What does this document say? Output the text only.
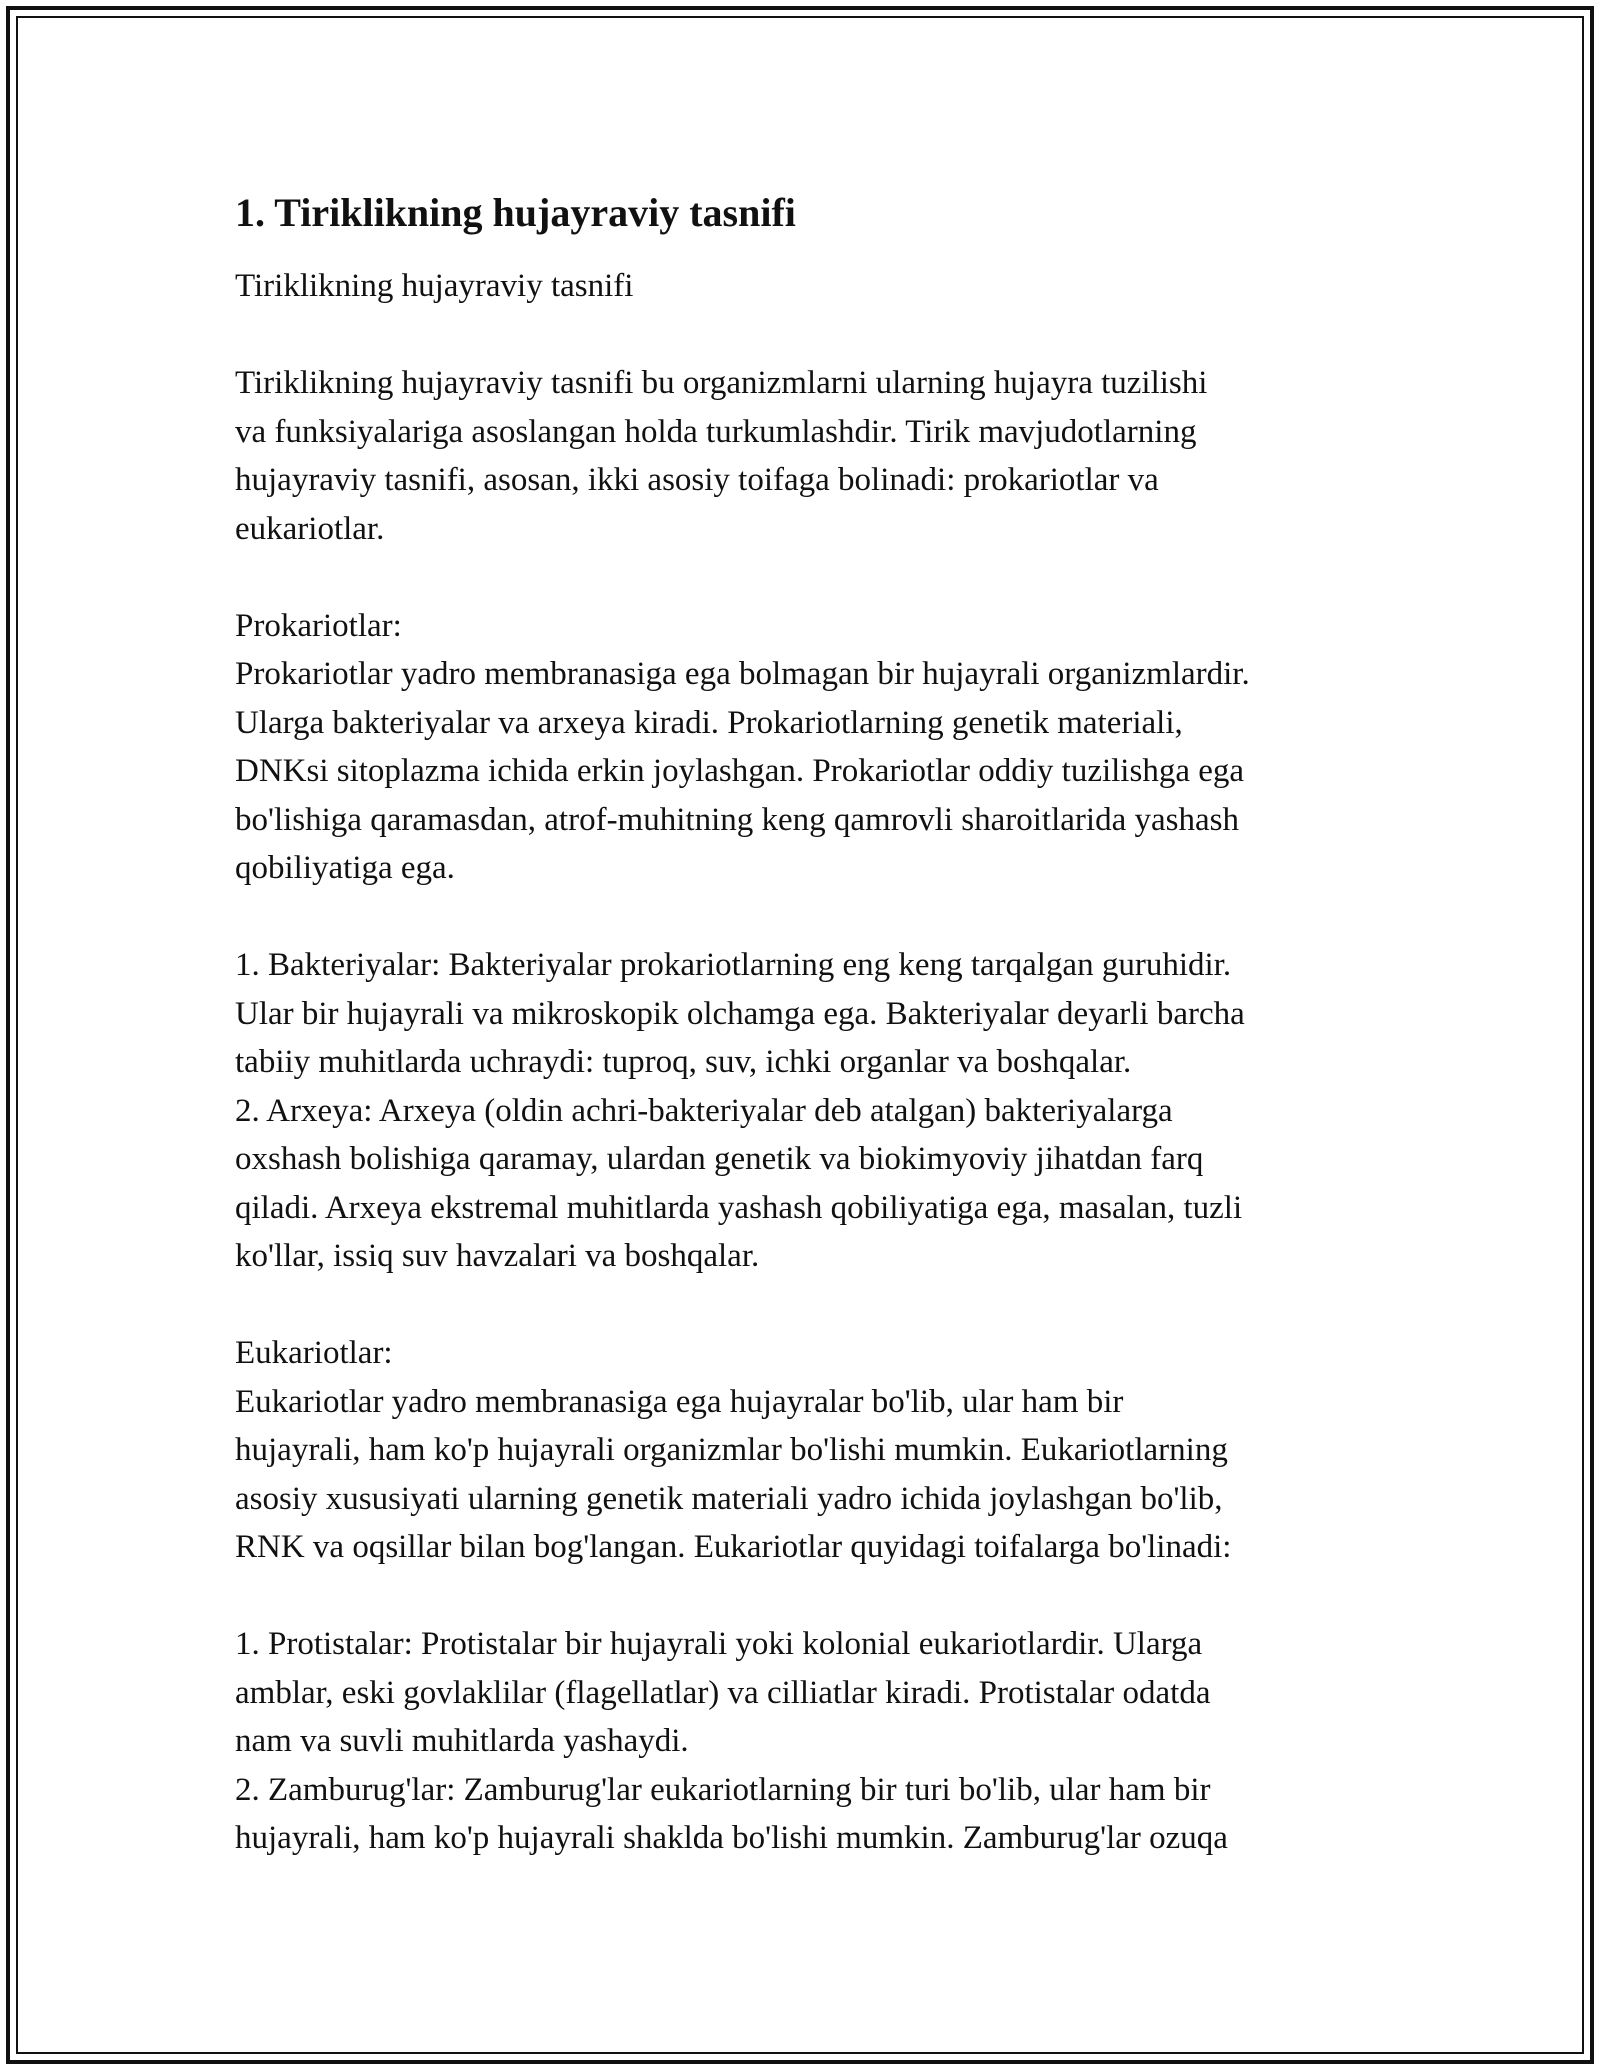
1. Tiriklikning hujayraviy tasnifi

Tiriklikning hujayraviy tasnifi

Tiriklikning hujayraviy tasnifi bu organizmlarni ularning hujayra tuzilishi

va funksiyalariga asoslangan holda turkumlashdir. Tirik mavjudotlarning

hujayraviy tasnifi, asosan, ikki asosiy toifaga bolinadi: prokariotlar va

eukariotlar.

Prokariotlar:

Prokariotlar yadro membranasiga ega bolmagan bir hujayrali organizmlardir.

Ularga bakteriyalar va arxeya kiradi. Prokariotlarning genetik materiali,

DNKsi sitoplazma ichida erkin joylashgan. Prokariotlar oddiy tuzilishga ega

bo'lishiga qaramasdan, atrof-muhitning keng qamrovli sharoitlarida yashash

qobiliyatiga ega.

1. Bakteriyalar: Bakteriyalar prokariotlarning eng keng tarqalgan guruhidir.

Ular bir hujayrali va mikroskopik olchamga ega. Bakteriyalar deyarli barcha

tabiiy muhitlarda uchraydi: tuproq, suv, ichki organlar va boshqalar.

2. Arxeya: Arxeya (oldin achri-bakteriyalar deb atalgan) bakteriyalarga

oxshash bolishiga qaramay, ulardan genetik va biokimyoviy jihatdan farq

qiladi. Arxeya ekstremal muhitlarda yashash qobiliyatiga ega, masalan, tuzli

ko'llar, issiq suv havzalari va boshqalar.

Eukariotlar:

Eukariotlar yadro membranasiga ega hujayralar bo'lib, ular ham bir

hujayrali, ham ko'p hujayrali organizmlar bo'lishi mumkin. Eukariotlarning

asosiy xususiyati ularning genetik materiali yadro ichida joylashgan bo'lib,

RNK va oqsillar bilan bog'langan. Eukariotlar quyidagi toifalarga bo'linadi:

1. Protistalar: Protistalar bir hujayrali yoki kolonial eukariotlardir. Ularga

amblar, eski govlaklilar (flagellatlar) va cilliatlar kiradi. Protistalar odatda

nam va suvli muhitlarda yashaydi.

2. Zamburug'lar: Zamburug'lar eukariotlarning bir turi bo'lib, ular ham bir

hujayrali, ham ko'p hujayrali shaklda bo'lishi mumkin. Zamburug'lar ozuqa
